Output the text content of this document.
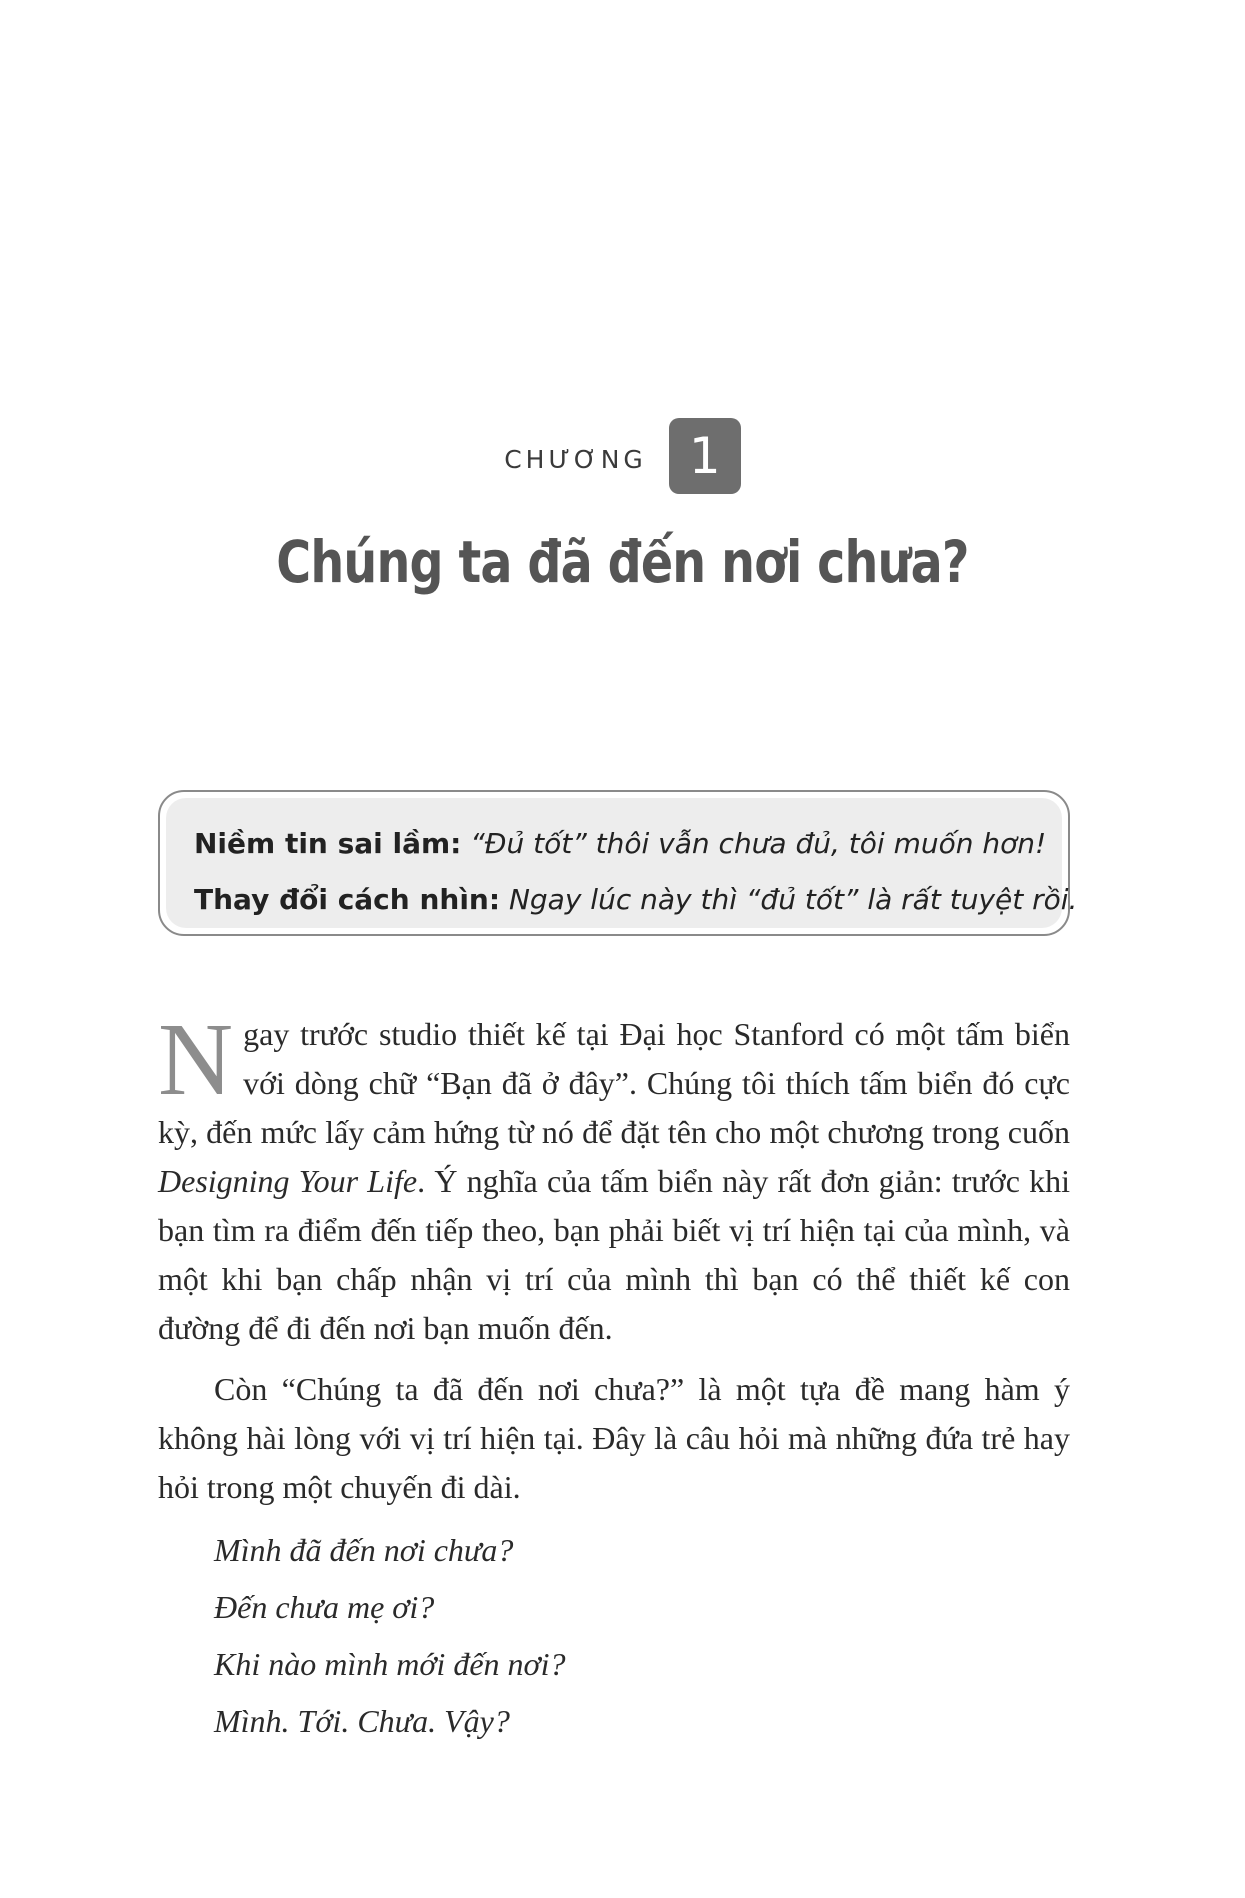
CHƯƠNG 1
Chúng ta đã đến nơi chưa?
Niềm tin sai lầm: “Đủ tốt” thôi vẫn chưa đủ, tôi muốn hơn!
Thay đổi cách nhìn: Ngay lúc này thì “đủ tốt” là rất tuyệt rồi.

Ngay trước studio thiết kế tại Đại học Stanford có một tấm biển với dòng chữ “Bạn đã ở đây”. Chúng tôi thích tấm biển đó cực kỳ, đến mức lấy cảm hứng từ nó để đặt tên cho một chương trong cuốn Designing Your Life. Ý nghĩa của tấm biển này rất đơn giản: trước khi bạn tìm ra điểm đến tiếp theo, bạn phải biết vị trí hiện tại của mình, và một khi bạn chấp nhận vị trí của mình thì bạn có thể thiết kế con đường để đi đến nơi bạn muốn đến.

Còn “Chúng ta đã đến nơi chưa?” là một tựa đề mang hàm ý không hài lòng với vị trí hiện tại. Đây là câu hỏi mà những đứa trẻ hay hỏi trong một chuyến đi dài.

Mình đã đến nơi chưa?
Đến chưa mẹ ơi?
Khi nào mình mới đến nơi?
Mình. Tới. Chưa. Vậy?
